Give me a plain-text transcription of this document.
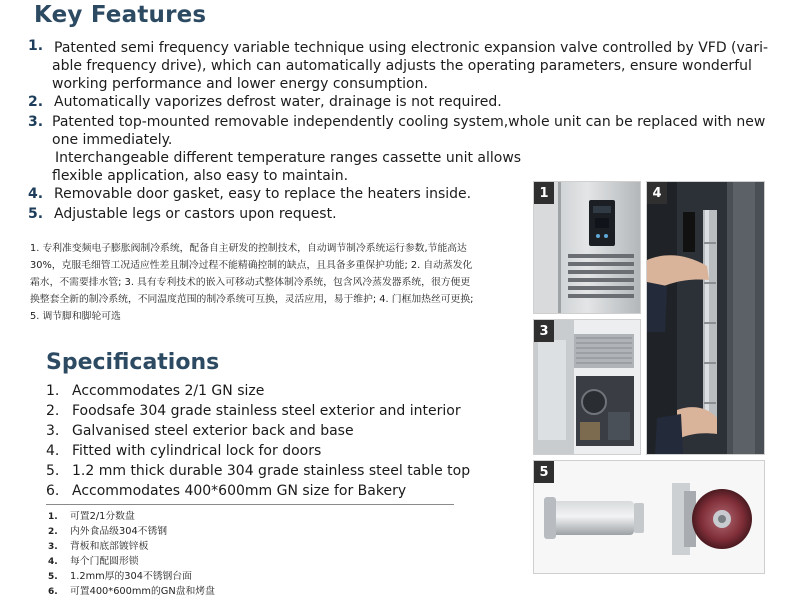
Key Features
1. Patented semi frequency variable technique using electronic expansion valve controlled by VFD (vari-
able frequency drive), which can automatically adjusts the operating parameters, ensure wonderful
working performance and lower energy consumption.
2. Automatically vaporizes defrost water, drainage is not required.
3. Patented top-mounted removable independently cooling system,whole unit can be replaced with new
one immediately.
Interchangeable different temperature ranges cassette unit allows
flexible application, also easy to maintain.
4. Removable door gasket, easy to replace the heaters inside.
5. Adjustable legs or castors upon request.
1. 专利准变频电子膨胀阀制冷系统，配备自主研发的控制技术，自动调节制冷系统运行参数,节能高达
30%，克服毛细管工况适应性差且制冷过程不能精确控制的缺点，且具备多重保护功能; 2. 自动蒸发化
霜水，不需要排水管; 3. 具有专利技术的嵌入可移动式整体制冷系统，包含风冷蒸发器系统，很方便更
换整套全新的制冷系统，不同温度范围的制冷系统可互换，灵活应用，易于维护; 4. 门框加热丝可更换;
5. 调节脚和脚轮可选
Specifications
1. Accommodates 2/1 GN size
2. Foodsafe 304 grade stainless steel exterior and interior
3. Galvanised steel exterior back and base
4. Fitted with cylindrical lock for doors
5. 1.2 mm thick durable 304 grade stainless steel table top
6. Accommodates 400*600mm GN size for Bakery
1. 可置2/1分数盘
2. 内外食品级304不锈钢
3. 背板和底部镀锌板
4. 每个门配圆形锁
5. 1.2mm厚的304不锈钢台面
6. 可置400*600mm的GN盘和烤盘
1	4
3
5
